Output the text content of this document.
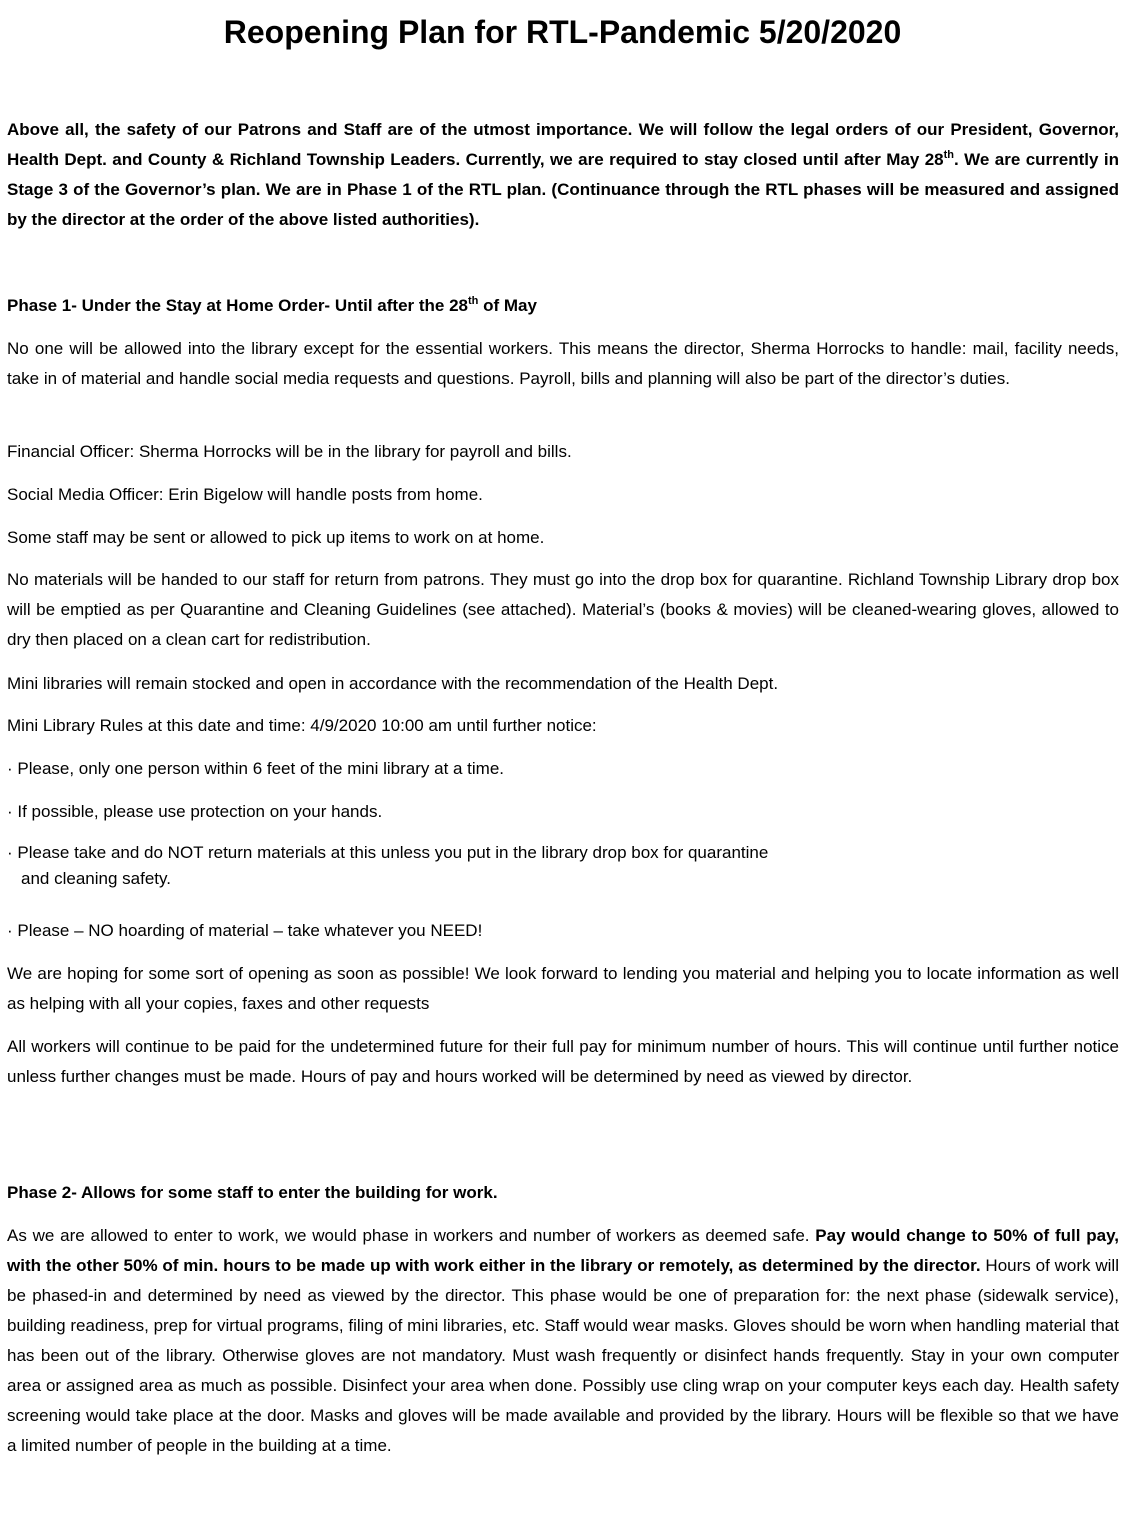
Reopening Plan for RTL-Pandemic 5/20/2020

Above all, the safety of our Patrons and Staff are of the utmost importance. We will follow the legal orders of our President, Governor, Health Dept. and County & Richland Township Leaders. Currently, we are required to stay closed until after May 28th. We are currently in Stage 3 of the Governor’s plan. We are in Phase 1 of the RTL plan. (Continuance through the RTL phases will be measured and assigned by the director at the order of the above listed authorities).

Phase 1- Under the Stay at Home Order- Until after the 28th of May

No one will be allowed into the library except for the essential workers. This means the director, Sherma Horrocks to handle: mail, facility needs, take in of material and handle social media requests and questions. Payroll, bills and planning will also be part of the director’s duties.

Financial Officer: Sherma Horrocks will be in the library for payroll and bills.

Social Media Officer: Erin Bigelow will handle posts from home.

Some staff may be sent or allowed to pick up items to work on at home.

No materials will be handed to our staff for return from patrons. They must go into the drop box for quarantine. Richland Township Library drop box will be emptied as per Quarantine and Cleaning Guidelines (see attached). Material’s (books & movies) will be cleaned-wearing gloves, allowed to dry then placed on a clean cart for redistribution.

Mini libraries will remain stocked and open in accordance with the recommendation of the Health Dept.

Mini Library Rules at this date and time: 4/9/2020 10:00 am until further notice:

· Please, only one person within 6 feet of the mini library at a time.

· If possible, please use protection on your hands.

· Please take and do NOT return materials at this unless you put in the library drop box for quarantine
and cleaning safety.

· Please – NO hoarding of material – take whatever you NEED!

We are hoping for some sort of opening as soon as possible! We look forward to lending you material and helping you to locate information as well as helping with all your copies, faxes and other requests

All workers will continue to be paid for the undetermined future for their full pay for minimum number of hours. This will continue until further notice unless further changes must be made. Hours of pay and hours worked will be determined by need as viewed by director.

Phase 2- Allows for some staff to enter the building for work.

As we are allowed to enter to work, we would phase in workers and number of workers as deemed safe. Pay would change to 50% of full pay, with the other 50% of min. hours to be made up with work either in the library or remotely, as determined by the director. Hours of work will be phased-in and determined by need as viewed by the director. This phase would be one of preparation for: the next phase (sidewalk service), building readiness, prep for virtual programs, filing of mini libraries, etc. Staff would wear masks. Gloves should be worn when handling material that has been out of the library. Otherwise gloves are not mandatory. Must wash frequently or disinfect hands frequently. Stay in your own computer area or assigned area as much as possible. Disinfect your area when done. Possibly use cling wrap on your computer keys each day. Health safety screening would take place at the door. Masks and gloves will be made available and provided by the library. Hours will be flexible so that we have a limited number of people in the building at a time.
